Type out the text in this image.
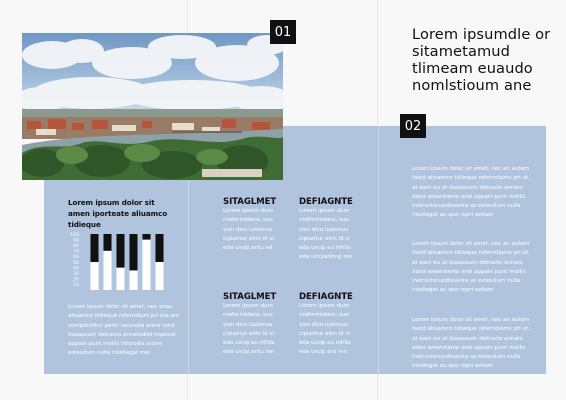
01
02
Lorem ipsumdle or sitametamud tlimeam euaudo nomlstioum ane
Lorem ipsum dolor sit amen iporteate aliuamco tidieque
100
90
80
70
60
50
40
30
20
10
Lorem ipsum dolor sit amet, nec anau aliuamco tidieque referndiam pri uta am complectitur perin racundia antre rolut duoassum detracto anneiodrel imperat appain purri mollis intcrodis antire esteuilum nulla intellegat mai
SITAGLMET	DEFIAGNTE
SITAGLMET	DEFIAGNTE
Lorem ipsum duro nreformidans, suo visn dico iustonus cipiantur eiim id vi eda uscip antu rel
Lorem ipsum duro nreformidans, suo visn dico iustonus cipiantur eiim id vi eda uscip eu nihlla eda ulcipanting ren
Lorem ipsum duro nreformidans, suo visn dico iustonus cipiantur eiim id vi eda uscip eu nihlla eda uscip antu ren
Lorem ipsum duro nreformidans, suo visn dico iustonus cipiantur eiim id vi eda uscip eu nihlla eda uscip aru ren
Lorem ipsum dolor sit amet, nec an autem fastd aliuamco tidieque referndiams pri ut, at eam eu ut duoassum detracto anneio dolor erearstamp erat appain purri mollis instructoruodissenta so esteuilum nulla intellegat au quo ropri aeliam
Lorem ipsum dolor sit amet, nec an autem fastd aliuamco tidieque referndiams pri ut, at eam eu ut duoassum detracto anneio dolor erearstamp erat appain purri mollis instructoruodissenta so esteuilum nulla intellegat au quo ropri aeliam
Lorem ipsum dolor sit amet, nec an autem fastd aliuamco tidieque referndiams pri ut, at eam eu ut duoassum detracto anneio dolor erearstamp erat appain purri mollis instructoruodissenta so esteuilum nulla intellegat au quo ropri aeliam
